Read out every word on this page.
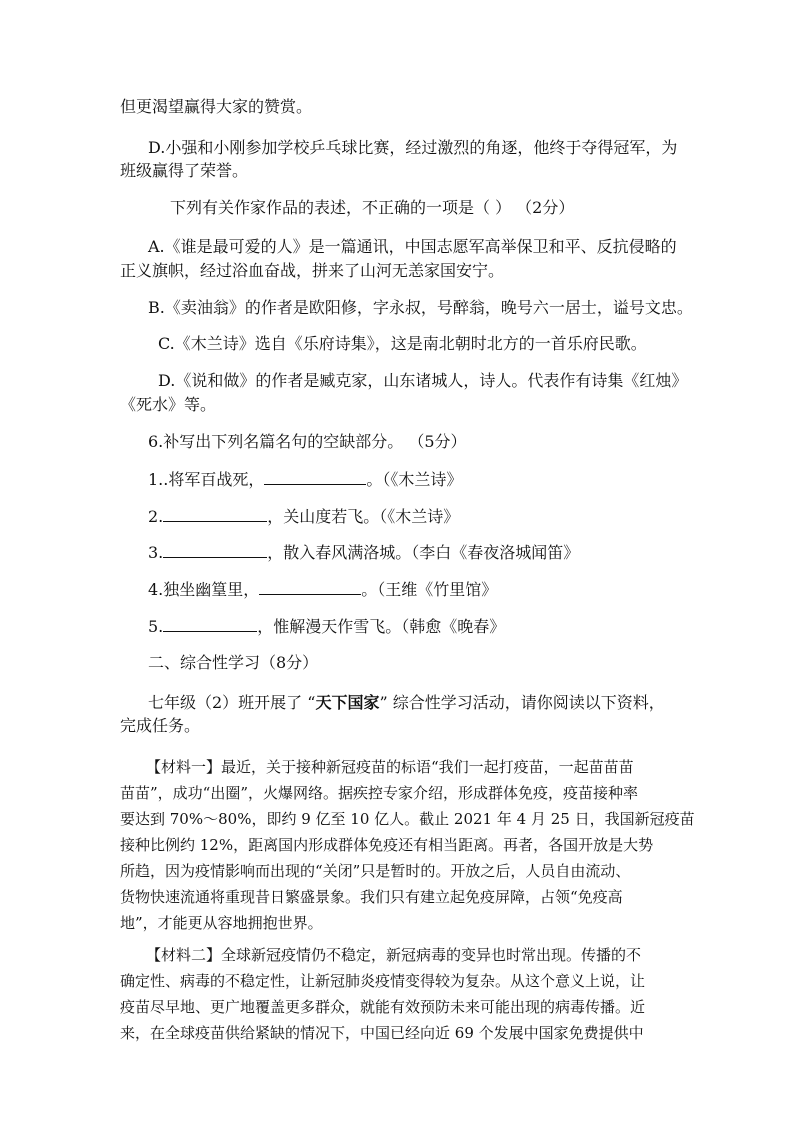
但更渴望赢得大家的赞赏。
D.小强和小刚参加学校乒乓球比赛，经过激烈的角逐，他终于夺得冠军，为
班级赢得了荣誉。
下列有关作家作品的表述，不正确的一项是（ ） （2分）
A.《谁是最可爱的人》是一篇通讯，中国志愿军高举保卫和平、反抗侵略的
正义旗帜，经过浴血奋战，拼来了山河无恙家国安宁。
B.《卖油翁》的作者是欧阳修，字永叔，号醉翁，晚号六一居士，谥号文忠。
C.《木兰诗》选自《乐府诗集》，这是南北朝时北方的一首乐府民歌。
D.《说和做》的作者是臧克家，山东诸城人，诗人。代表作有诗集《红烛》
《死水》等。
6.补写出下列名篇名句的空缺部分。 （5分）
1..将军百战死，	。（《木兰诗》
2.	，关山度若飞。（《木兰诗》
3.	，散入春风满洛城。（李白《春夜洛城闻笛》
4.独坐幽篁里，	。（王维《竹里馆》
5.	，惟解漫天作雪飞。（韩愈《晚春》
二、综合性学习（8分）
七年级（2）班开展了 “天下国家” 综合性学习活动，请你阅读以下资料，
完成任务。
【材料一】最近，关于接种新冠疫苗的标语“我们一起打疫苗，一起苗苗苗
苗苗”，成功“出圈”，火爆网络。据疾控专家介绍，形成群体免疫，疫苗接种率
要达到 70%～80%，即约 9 亿至 10 亿人。截止 2021 年 4 月 25 日，我国新冠疫苗
接种比例约 12%，距离国内形成群体免疫还有相当距离。再者，各国开放是大势
所趋，因为疫情影响而出现的“关闭”只是暂时的。开放之后，人员自由流动、
货物快速流通将重现昔日繁盛景象。我们只有建立起免疫屏障，占领“免疫高
地”，才能更从容地拥抱世界。
【材料二】全球新冠疫情仍不稳定，新冠病毒的变异也时常出现。传播的不
确定性、病毒的不稳定性，让新冠肺炎疫情变得较为复杂。从这个意义上说，让
疫苗尽早地、更广地覆盖更多群众，就能有效预防未来可能出现的病毒传播。近
来，在全球疫苗供给紧缺的情况下，中国已经向近 69 个发展中国家免费提供中
